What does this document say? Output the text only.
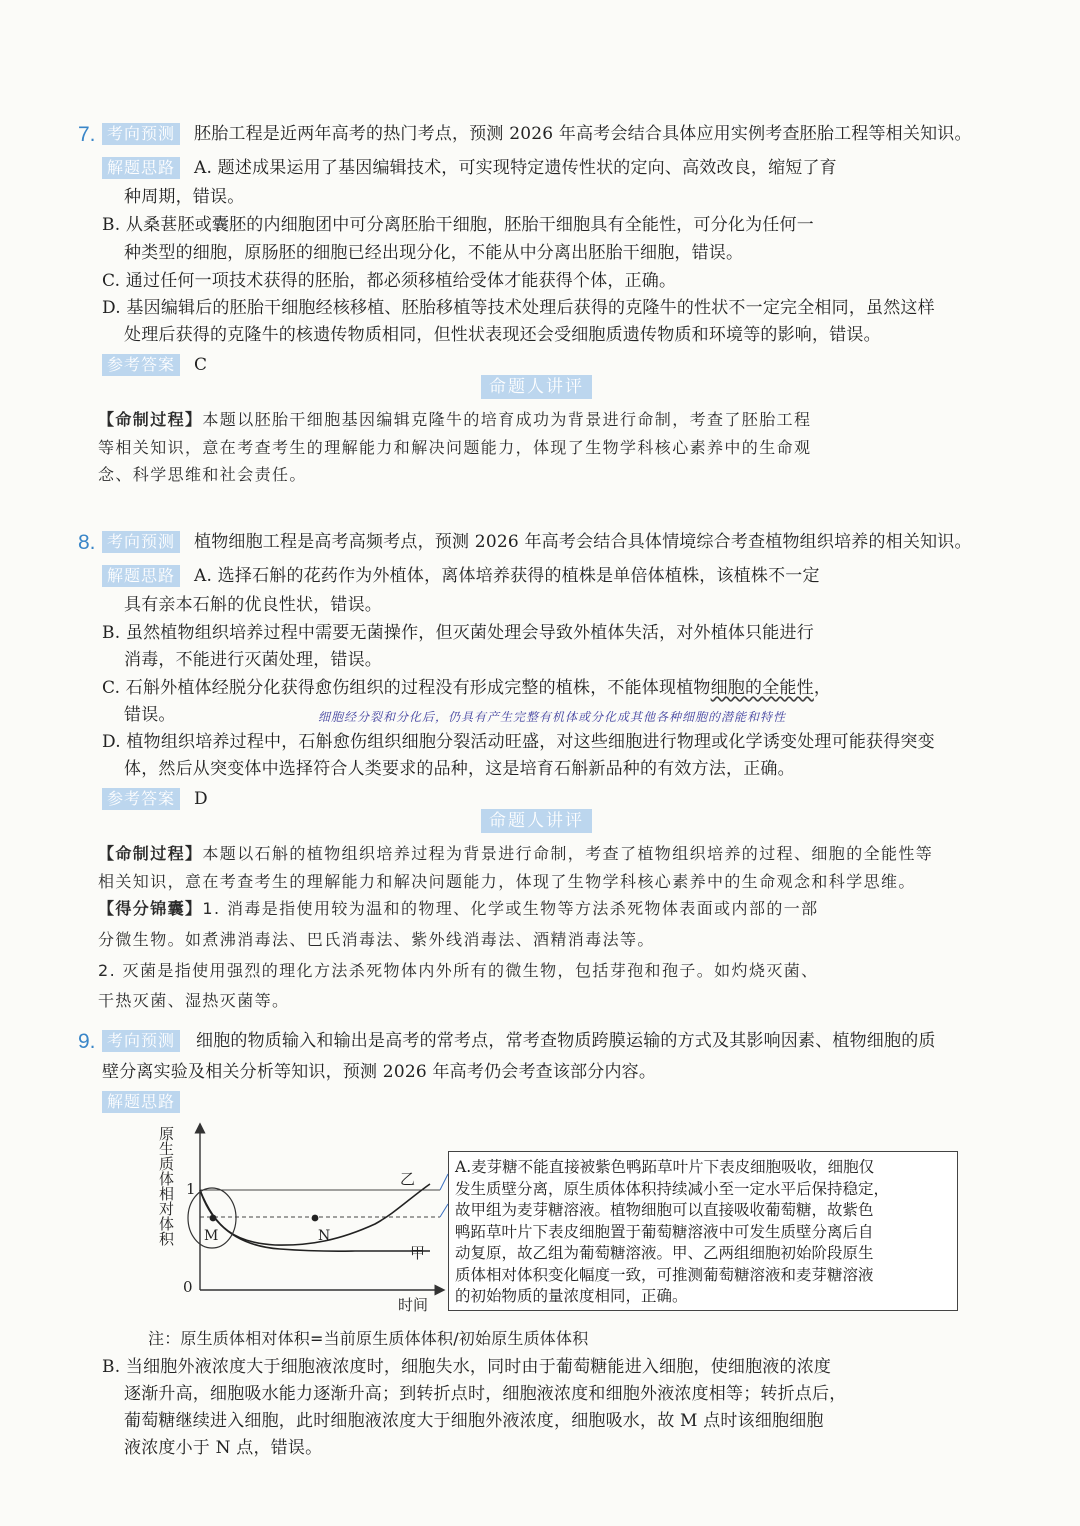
7. 考向预测 胚胎工程是近两年高考的热门考点，预测 2026 年高考会结合具体应用实例考查胚胎工程等相关知识。
解题思路 A. 题述成果运用了基因编辑技术，可实现特定遗传性状的定向、高效改良，缩短了育
种周期，错误。
B. 从桑葚胚或囊胚的内细胞团中可分离胚胎干细胞，胚胎干细胞具有全能性，可分化为任何一
种类型的细胞，原肠胚的细胞已经出现分化，不能从中分离出胚胎干细胞，错误。
C. 通过任何一项技术获得的胚胎，都必须移植给受体才能获得个体，正确。
D. 基因编辑后的胚胎干细胞经核移植、胚胎移植等技术处理后获得的克隆牛的性状不一定完全相同，虽然这样
处理后获得的克隆牛的核遗传物质相同，但性状表现还会受细胞质遗传物质和环境等的影响，错误。
参考答案 C
命题人讲评
【命制过程】本题以胚胎干细胞基因编辑克隆牛的培育成功为背景进行命制，考查了胚胎工程
等相关知识，意在考查考生的理解能力和解决问题能力，体现了生物学科核心素养中的生命观
念、科学思维和社会责任。
8. 考向预测 植物细胞工程是高考高频考点，预测 2026 年高考会结合具体情境综合考查植物组织培养的相关知识。
解题思路 A. 选择石斛的花药作为外植体，离体培养获得的植株是单倍体植株，该植株不一定
具有亲本石斛的优良性状，错误。
B. 虽然植物组织培养过程中需要无菌操作，但灭菌处理会导致外植体失活，对外植体只能进行
消毒，不能进行灭菌处理，错误。
C. 石斛外植体经脱分化获得愈伤组织的过程没有形成完整的植株，不能体现植物细胞的全能性，
错误。	细胞经分裂和分化后，仍具有产生完整有机体或分化成其他各种细胞的潜能和特性
D. 植物组织培养过程中，石斛愈伤组织细胞分裂活动旺盛，对这些细胞进行物理或化学诱变处理可能获得突变
体，然后从突变体中选择符合人类要求的品种，这是培育石斛新品种的有效方法，正确。
参考答案 D
命题人讲评
【命制过程】本题以石斛的植物组织培养过程为背景进行命制，考查了植物组织培养的过程、细胞的全能性等
相关知识，意在考查考生的理解能力和解决问题能力，体现了生物学科核心素养中的生命观念和科学思维。
【得分锦囊】1. 消毒是指使用较为温和的物理、化学或生物等方法杀死物体表面或内部的一部
分微生物。如煮沸消毒法、巴氏消毒法、紫外线消毒法、酒精消毒法等。
2. 灭菌是指使用强烈的理化方法杀死物体内外所有的微生物，包括芽孢和孢子。如灼烧灭菌、
干热灭菌、湿热灭菌等。
9. 考向预测 细胞的物质输入和输出是高考的常考点，常考查物质跨膜运输的方式及其影响因素、植物细胞的质
壁分离实验及相关分析等知识，预测 2026 年高考仍会考查该部分内容。
解题思路
原生质体相对体积 1
0
时间
乙
甲
M	N
A.麦芽糖不能直接被紫色鸭跖草叶片下表皮细胞吸收，细胞仅
发生质壁分离，原生质体体积持续减小至一定水平后保持稳定，
故甲组为麦芽糖溶液。植物细胞可以直接吸收葡萄糖，故紫色
鸭跖草叶片下表皮细胞置于葡萄糖溶液中可发生质壁分离后自
动复原，故乙组为葡萄糖溶液。甲、乙两组细胞初始阶段原生
质体相对体积变化幅度一致，可推测葡萄糖溶液和麦芽糖溶液
的初始物质的量浓度相同，正确。
注：原生质体相对体积=当前原生质体体积/初始原生质体体积
B. 当细胞外液浓度大于细胞液浓度时，细胞失水，同时由于葡萄糖能进入细胞，使细胞液的浓度
逐渐升高，细胞吸水能力逐渐升高；到转折点时，细胞液浓度和细胞外液浓度相等；转折点后，
葡萄糖继续进入细胞，此时细胞液浓度大于细胞外液浓度，细胞吸水，故 M 点时该细胞细胞
液浓度小于 N 点，错误。
